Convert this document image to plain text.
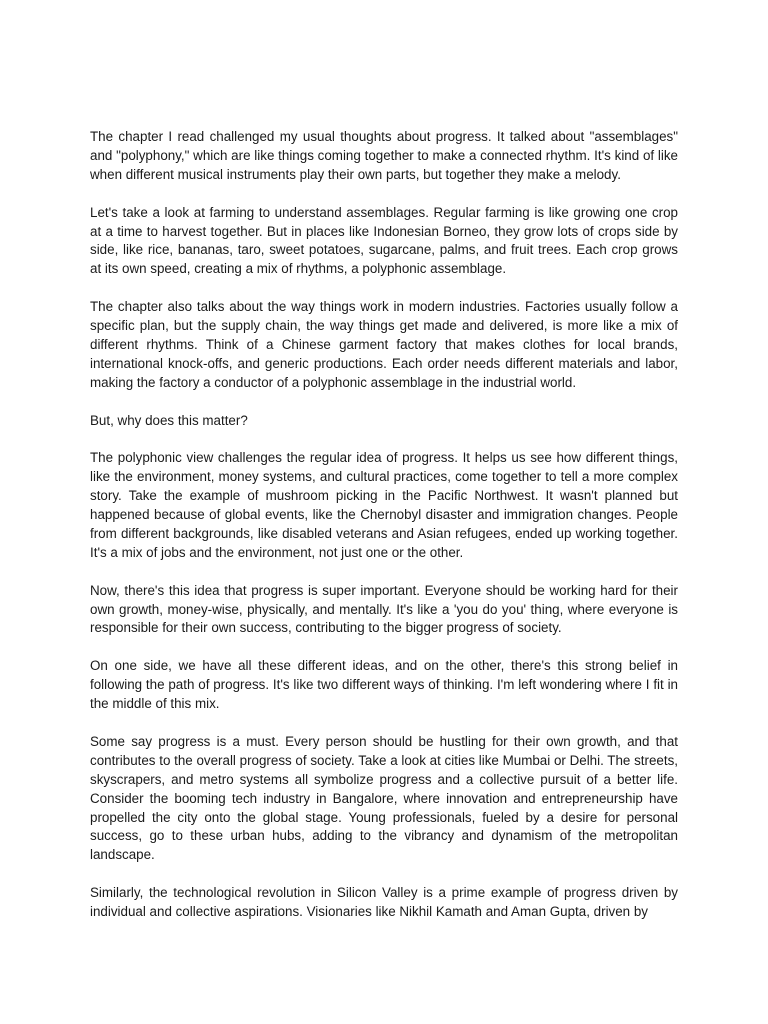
The chapter I read challenged my usual thoughts about progress. It talked about "assemblages" and "polyphony," which are like things coming together to make a connected rhythm. It's kind of like when different musical instruments play their own parts, but together they make a melody.

Let's take a look at farming to understand assemblages. Regular farming is like growing one crop at a time to harvest together. But in places like Indonesian Borneo, they grow lots of crops side by side, like rice, bananas, taro, sweet potatoes, sugarcane, palms, and fruit trees. Each crop grows at its own speed, creating a mix of rhythms, a polyphonic assemblage.

The chapter also talks about the way things work in modern industries. Factories usually follow a specific plan, but the supply chain, the way things get made and delivered, is more like a mix of different rhythms. Think of a Chinese garment factory that makes clothes for local brands, international knock-offs, and generic productions. Each order needs different materials and labor, making the factory a conductor of a polyphonic assemblage in the industrial world.

But, why does this matter?

The polyphonic view challenges the regular idea of progress. It helps us see how different things, like the environment, money systems, and cultural practices, come together to tell a more complex story. Take the example of mushroom picking in the Pacific Northwest. It wasn't planned but happened because of global events, like the Chernobyl disaster and immigration changes. People from different backgrounds, like disabled veterans and Asian refugees, ended up working together. It's a mix of jobs and the environment, not just one or the other.

Now, there's this idea that progress is super important. Everyone should be working hard for their own growth, money-wise, physically, and mentally. It's like a 'you do you' thing, where everyone is responsible for their own success, contributing to the bigger progress of society.

On one side, we have all these different ideas, and on the other, there's this strong belief in following the path of progress. It's like two different ways of thinking. I'm left wondering where I fit in the middle of this mix.

Some say progress is a must. Every person should be hustling for their own growth, and that contributes to the overall progress of society. Take a look at cities like Mumbai or Delhi. The streets, skyscrapers, and metro systems all symbolize progress and a collective pursuit of a better life. Consider the booming tech industry in Bangalore, where innovation and entrepreneurship have propelled the city onto the global stage. Young professionals, fueled by a desire for personal success, go to these urban hubs, adding to the vibrancy and dynamism of the metropolitan landscape.

Similarly, the technological revolution in Silicon Valley is a prime example of progress driven by individual and collective aspirations. Visionaries like Nikhil Kamath and Aman Gupta, driven by
